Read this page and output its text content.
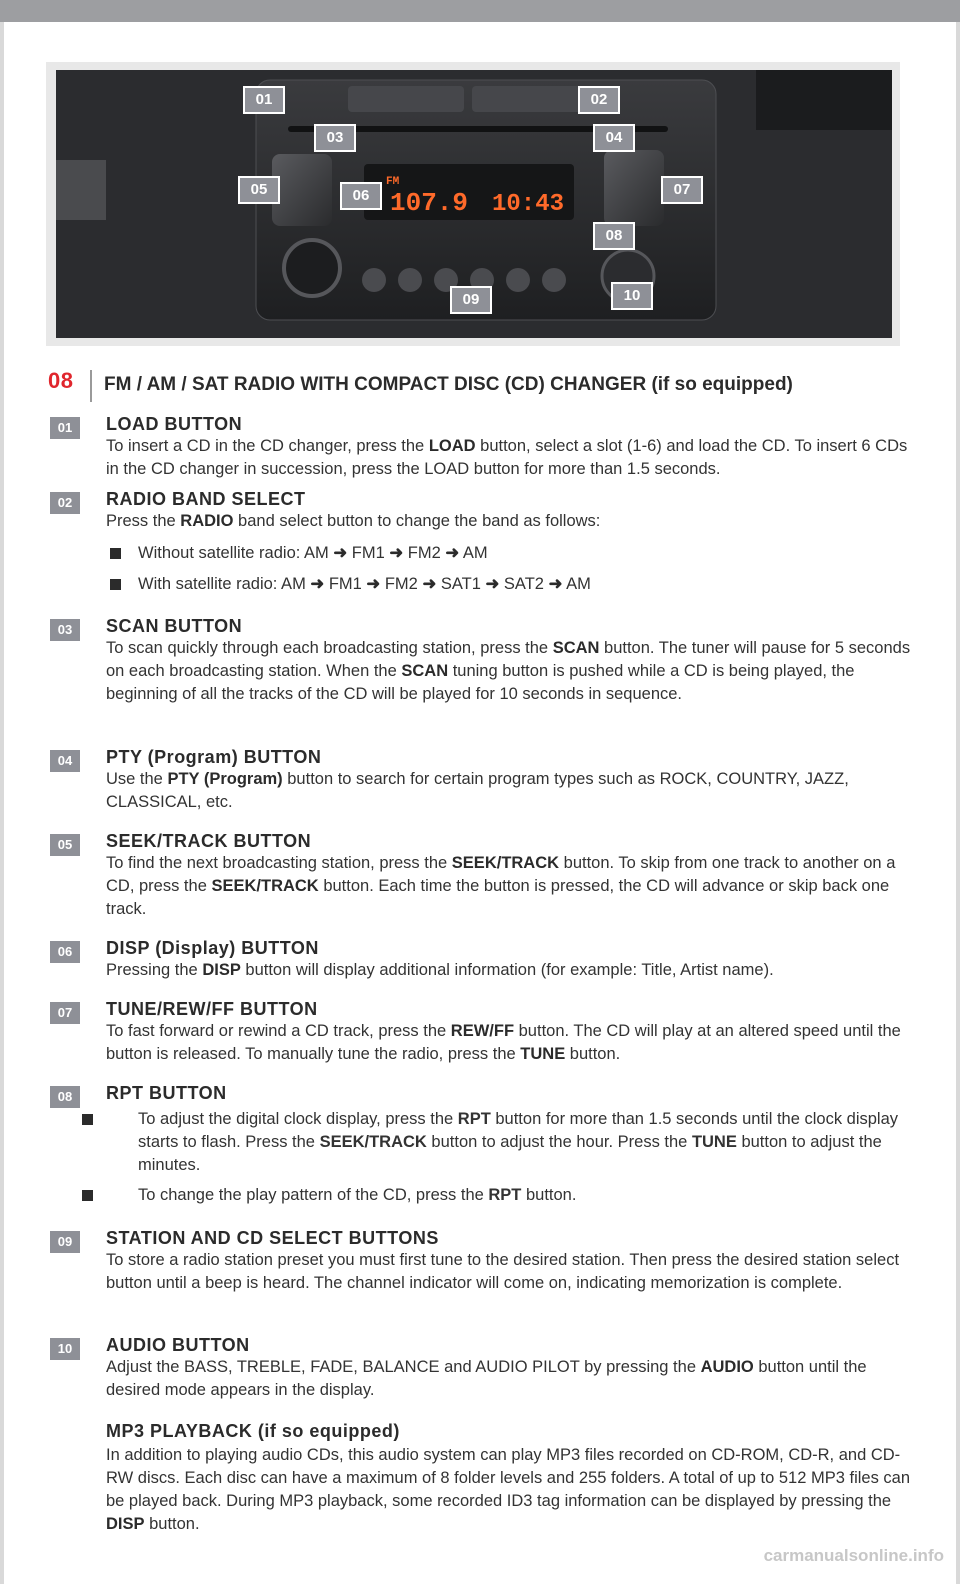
FM
107.9 10:43
01	02
03	04
05	06	07
08
09	10
08 FM / AM / SAT RADIO WITH COMPACT DISC (CD) CHANGER (if so equipped)
01	LOAD BUTTON

To insert a CD in the CD changer, press the LOAD button, select a slot (1-6) and load the CD. To insert 6 CDs in the CD changer in succession, press the LOAD button for more than 1.5 seconds.

02	RADIO BAND SELECT

Press the RADIO band select button to change the band as follows:

Without satellite radio: AM ➜ FM1 ➜ FM2 ➜ AM
With satellite radio: AM ➜ FM1 ➜ FM2 ➜ SAT1 ➜ SAT2 ➜ AM
03	SCAN BUTTON

To scan quickly through each broadcasting station, press the SCAN button. The tuner will pause for 5 seconds on each broadcasting station. When the SCAN tuning button is pushed while a CD is being played, the beginning of all the tracks of the CD will be played for 10 seconds in sequence.

04	PTY (Program) BUTTON

Use the PTY (Program) button to search for certain program types such as ROCK, COUNTRY, JAZZ, CLASSICAL, etc.

05	SEEK/TRACK BUTTON

To find the next broadcasting station, press the SEEK/TRACK button. To skip from one track to another on a CD, press the SEEK/TRACK button. Each time the button is pressed, the CD will advance or skip back one track.

06	DISP (Display) BUTTON

Pressing the DISP button will display additional information (for example: Title, Artist name).

07	TUNE/REW/FF BUTTON

To fast forward or rewind a CD track, press the REW/FF button. The CD will play at an altered speed until the button is released. To manually tune the radio, press the TUNE button.

08	RPT BUTTON
To adjust the digital clock display, press the RPT button for more than 1.5 seconds until the clock display starts to flash. Press the SEEK/TRACK button to adjust the hour. Press the TUNE button to adjust the minutes.
To change the play pattern of the CD, press the RPT button.
09	STATION AND CD SELECT BUTTONS

To store a radio station preset you must first tune to the desired station. Then press the desired station select button until a beep is heard. The channel indicator will come on, indicating memorization is complete.

10	AUDIO BUTTON

Adjust the BASS, TREBLE, FADE, BALANCE and AUDIO PILOT by pressing the AUDIO button until the desired mode appears in the display.

MP3 PLAYBACK (if so equipped)

In addition to playing audio CDs, this audio system can play MP3 files recorded on CD-ROM, CD-R, and CD-RW discs. Each disc can have a maximum of 8 folder levels and 255 folders. A total of up to 512 MP3 files can be played back. During MP3 playback, some recorded ID3 tag information can be displayed by pressing the DISP button.

carmanualsonline.info
